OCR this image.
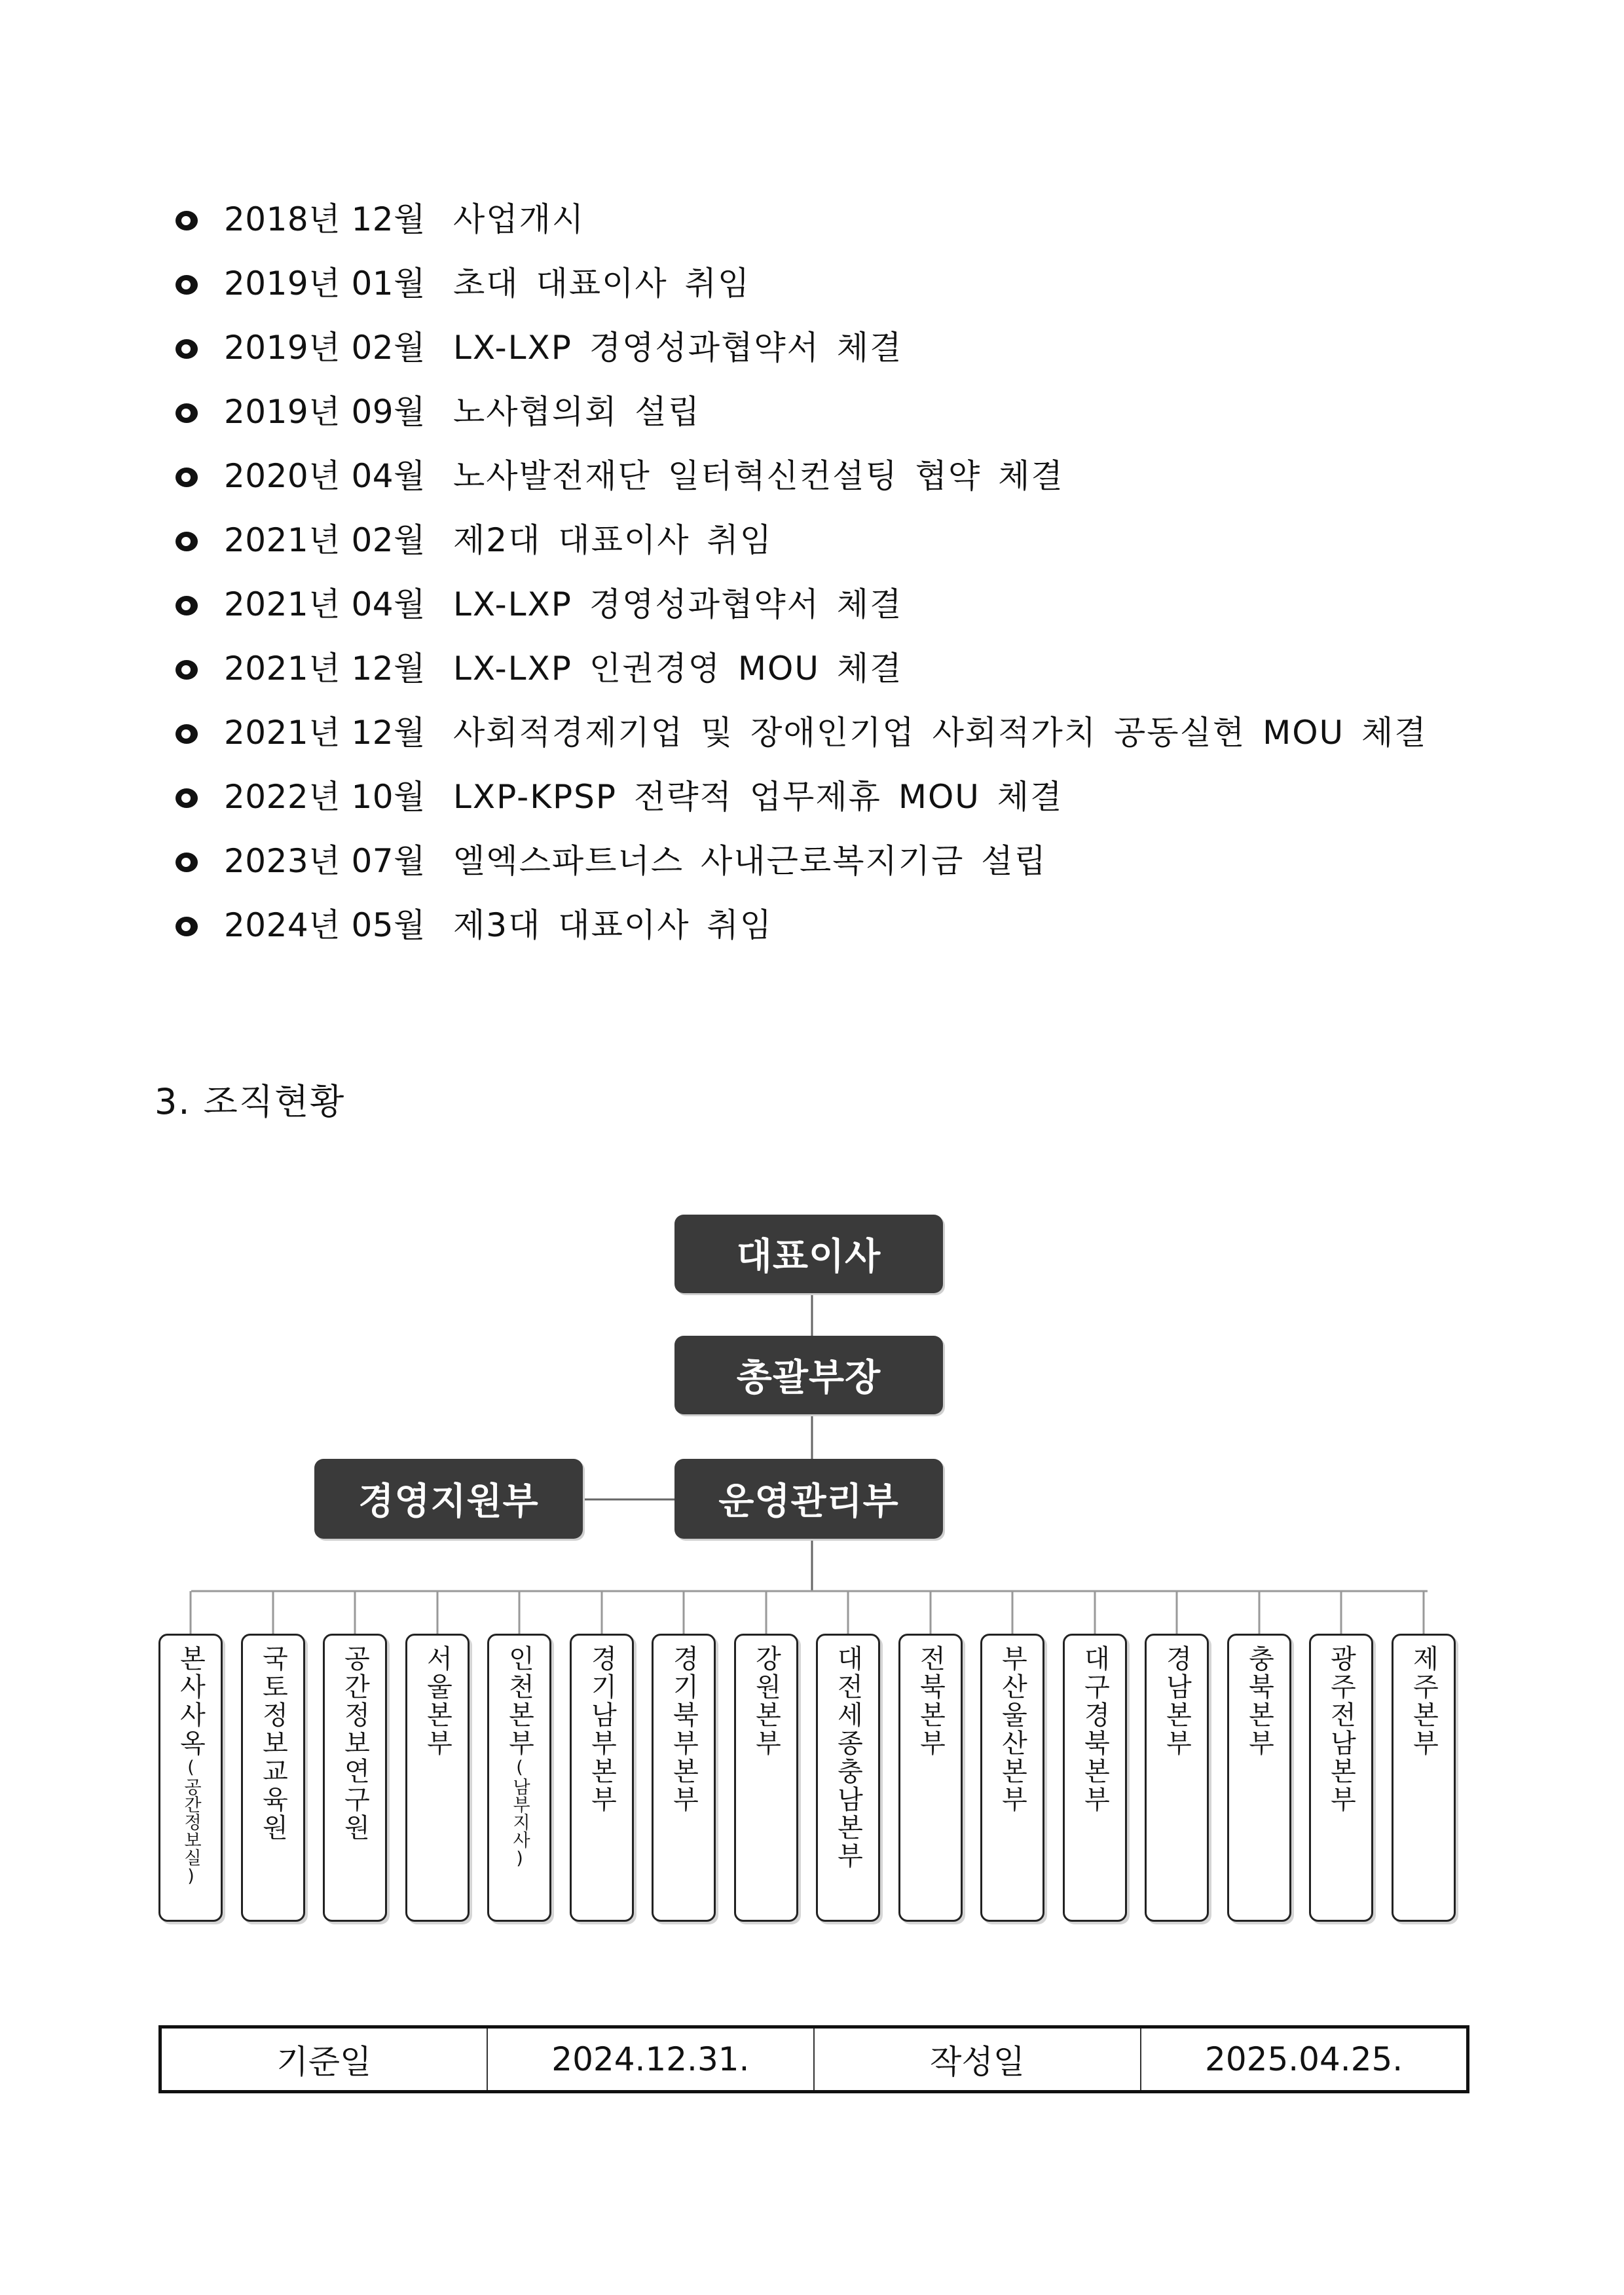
2018년 12월 사업개시
2019년 01월 초대 대표이사 취임
2019년 02월 LX-LXP 경영성과협약서 체결
2019년 09월 노사협의회 설립
2020년 04월 노사발전재단 일터혁신컨설팅 협약 체결
2021년 02월 제2대 대표이사 취임
2021년 04월 LX-LXP 경영성과협약서 체결
2021년 12월 LX-LXP 인권경영 MOU 체결
2021년 12월 사회적경제기업 및 장애인기업 사회적가치 공동실현 MOU 체결
2022년 10월 LXP-KPSP 전략적 업무제휴 MOU 체결
2023년 07월 엘엑스파트너스 사내근로복지기금 설립
2024년 05월 제3대 대표이사 취임
3. 조직현황
대표이사
총괄부장
운영관리부
경영지원부
본사사옥(공간정보실) 국토정보교육원 공간정보연구원 서울본부 인천본부(남부지사) 경기남부본부 경기북부본부 강원본부 대전세종충남본부 전북본부 부산울산본부 대구경북본부 경남본부 충북본부 광주전남본부 제주본부
기준일	2024.12.31.	작성일	2025.04.25.
